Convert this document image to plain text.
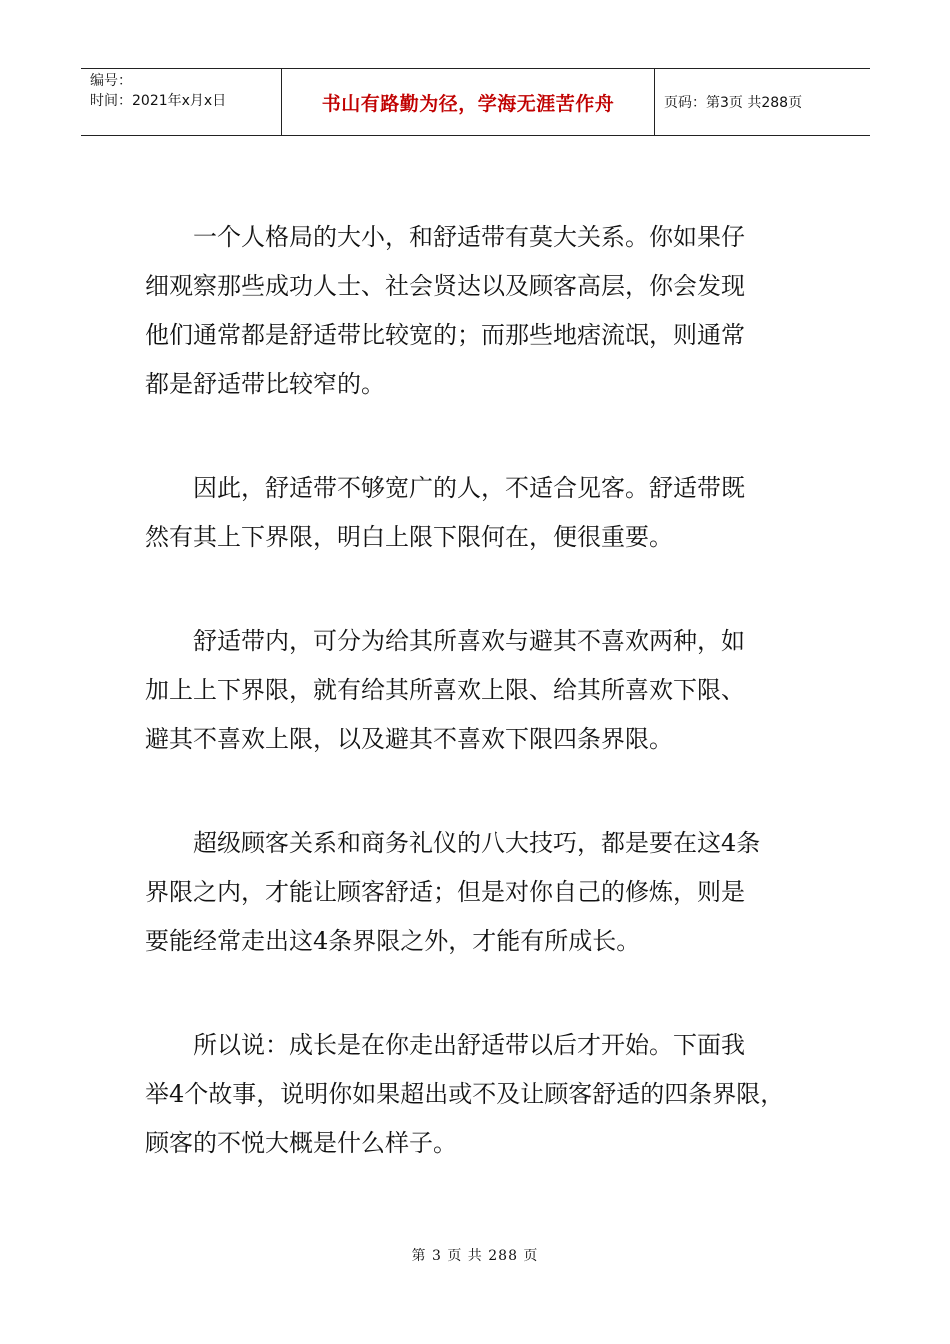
编号：
时间：2021年x月x日	书山有路勤为径，学海无涯苦作舟	页码：第3页 共288页

一个人格局的大小，和舒适带有莫大关系。你如果仔
细观察那些成功人士、社会贤达以及顾客高层，你会发现
他们通常都是舒适带比较宽的；而那些地痞流氓，则通常
都是舒适带比较窄的。

因此，舒适带不够宽广的人，不适合见客。舒适带既
然有其上下界限，明白上限下限何在，便很重要。

舒适带内，可分为给其所喜欢与避其不喜欢两种，如
加上上下界限，就有给其所喜欢上限、给其所喜欢下限、
避其不喜欢上限，以及避其不喜欢下限四条界限。

超级顾客关系和商务礼仪的八大技巧，都是要在这4条
界限之内，才能让顾客舒适；但是对你自己的修炼，则是
要能经常走出这4条界限之外，才能有所成长。

所以说：成长是在你走出舒适带以后才开始。下面我
举4个故事，说明你如果超出或不及让顾客舒适的四条界限，
顾客的不悦大概是什么样子。

第 3 页 共 288 页
